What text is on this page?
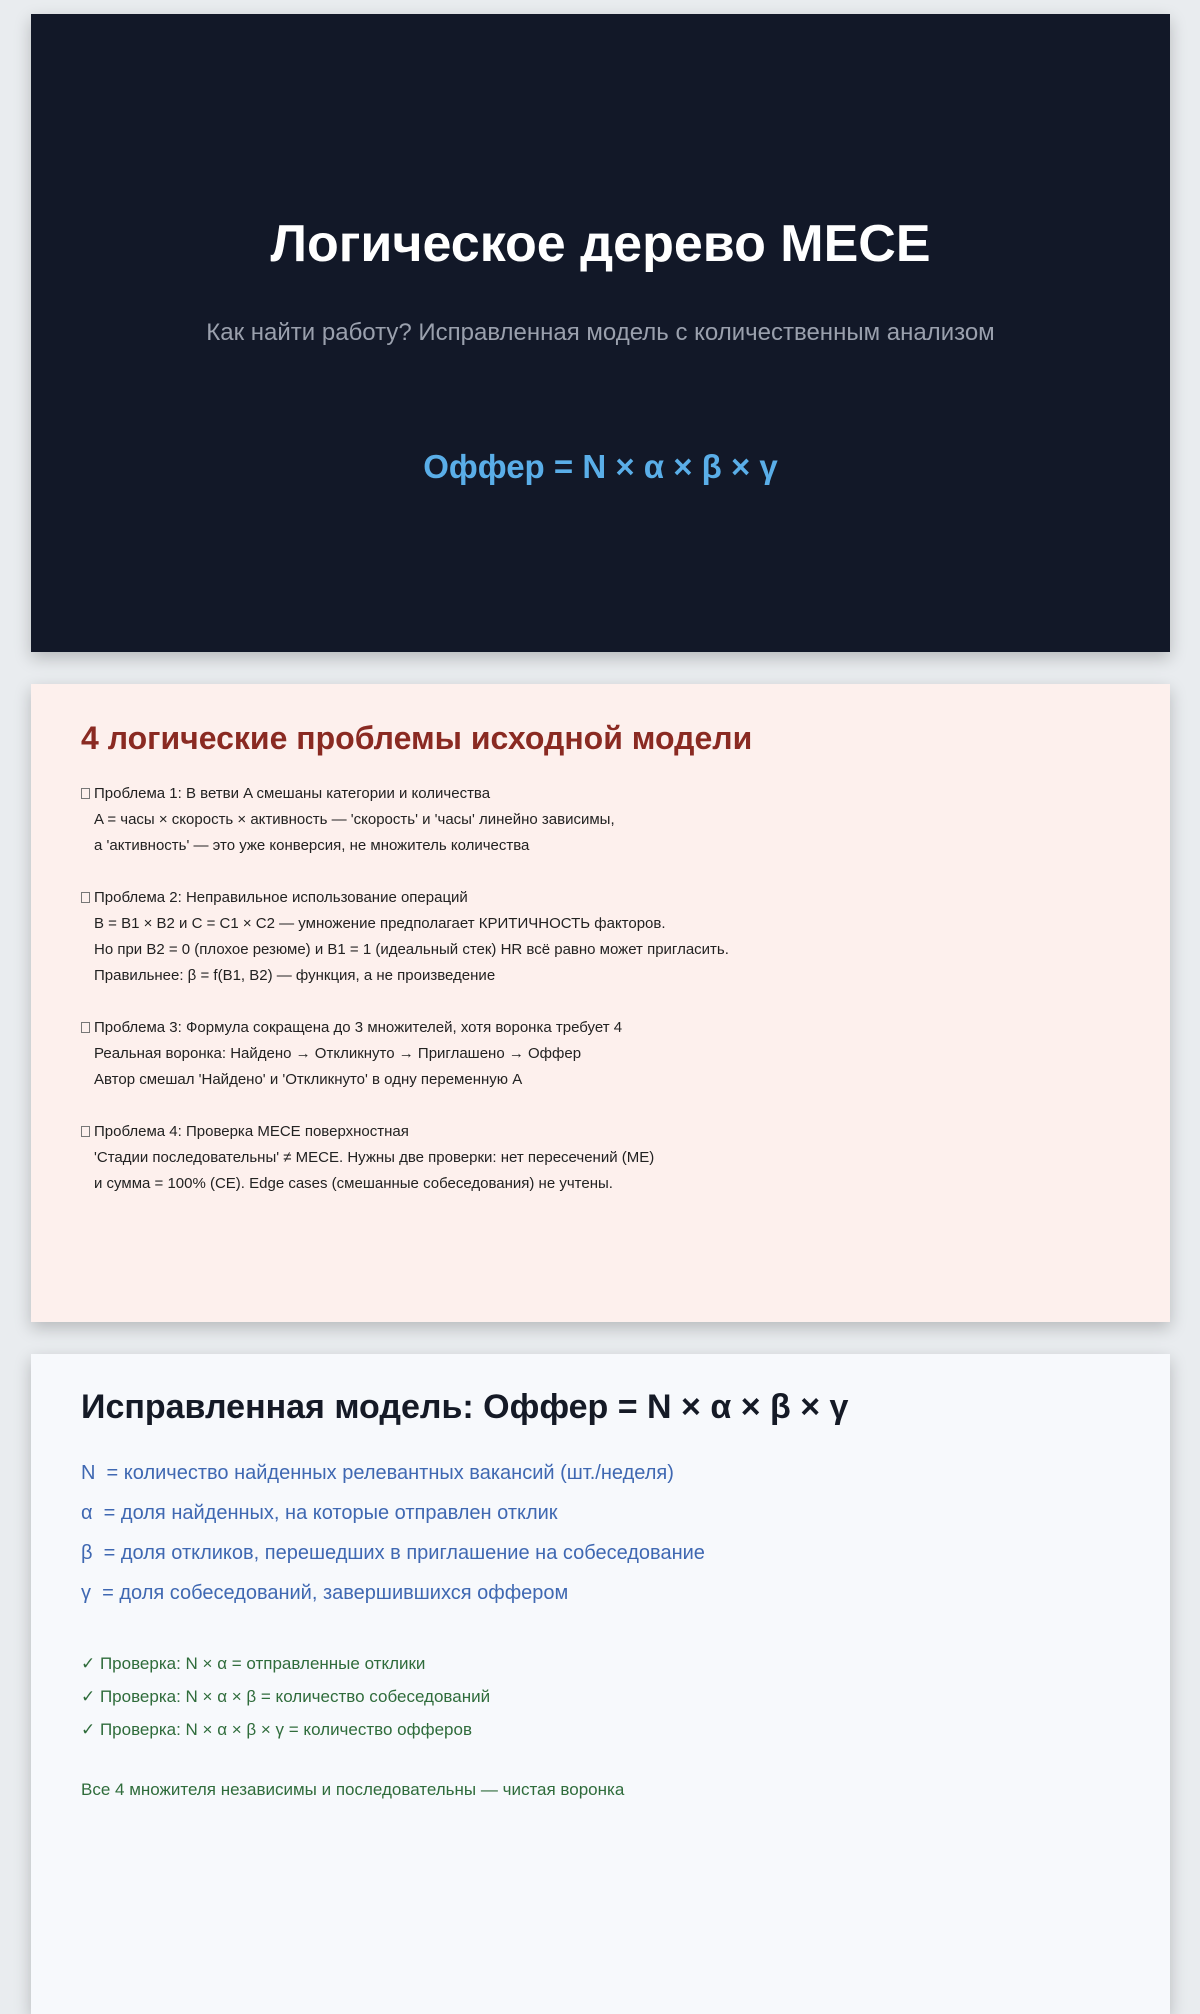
Логическое дерево MECE
Как найти работу? Исправленная модель с количественным анализом
Оффер = N × α × β × γ
4 логические проблемы исходной модели
Проблема 1: В ветви A смешаны категории и количества
A = часы × скорость × активность — 'скорость' и 'часы' линейно зависимы,
а 'активность' — это уже конверсия, не множитель количества
Проблема 2: Неправильное использование операций
B = B1 × B2 и C = C1 × C2 — умножение предполагает КРИТИЧНОСТЬ факторов.
Но при B2 = 0 (плохое резюме) и B1 = 1 (идеальный стек) HR всё равно может пригласить.
Правильнее: β = f(B1, B2) — функция, а не произведение
Проблема 3: Формула сокращена до 3 множителей, хотя воронка требует 4
Реальная воронка: Найдено → Откликнуто → Приглашено → Оффер
Автор смешал 'Найдено' и 'Откликнуто' в одну переменную A
Проблема 4: Проверка MECE поверхностная
'Стадии последовательны' ≠ MECE. Нужны две проверки: нет пересечений (ME)
и сумма = 100% (CE). Edge cases (смешанные собеседования) не учтены.
Исправленная модель: Оффер = N × α × β × γ
N  = количество найденных релевантных вакансий (шт./неделя)
α  = доля найденных, на которые отправлен отклик
β  = доля откликов, перешедших в приглашение на собеседование
γ  = доля собеседований, завершившихся оффером
✓ Проверка: N × α = отправленные отклики
✓ Проверка: N × α × β = количество собеседований
✓ Проверка: N × α × β × γ = количество офферов
Все 4 множителя независимы и последовательны — чистая воронка
